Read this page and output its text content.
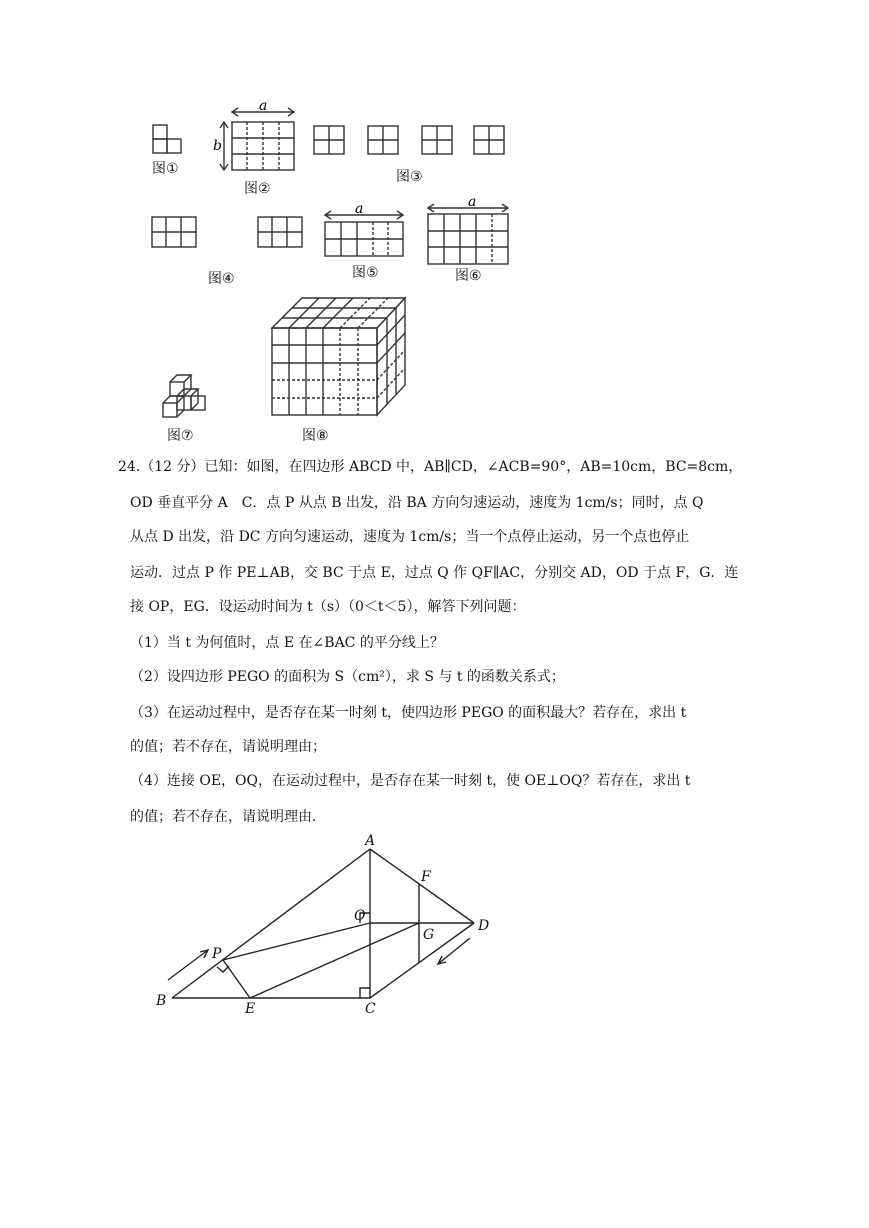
a
b
a	a
图①
图②
图③
图④	图⑤	图⑥
图⑦	图⑧
24.（12 分）已知：如图，在四边形 ABCD 中，AB∥CD，∠ACB=90°，AB=10cm，BC=8cm，
OD 垂直平分 A　C．点 P 从点 B 出发，沿 BA 方向匀速运动，速度为 1cm/s；同时，点 Q
从点 D 出发，沿 DC 方向匀速运动，速度为 1cm/s；当一个点停止运动，另一个点也停止
运动．过点 P 作 PE⊥AB，交 BC 于点 E，过点 Q 作 QF∥AC，分别交 AD，OD 于点 F，G．连
接 OP，EG．设运动时间为 t（s）（0＜t＜5），解答下列问题：
（1）当 t 为何值时，点 E 在∠BAC 的平分线上？
（2）设四边形 PEGO 的面积为 S（cm²），求 S 与 t 的函数关系式；
（3）在运动过程中，是否存在某一时刻 t，使四边形 PEGO 的面积最大？若存在，求出 t
的值；若不存在，请说明理由；
（4）连接 OE，OQ，在运动过程中，是否存在某一时刻 t，使 OE⊥OQ？若存在，求出 t
的值；若不存在，请说明理由．
A
F
O
G
D
P
B	E	C
